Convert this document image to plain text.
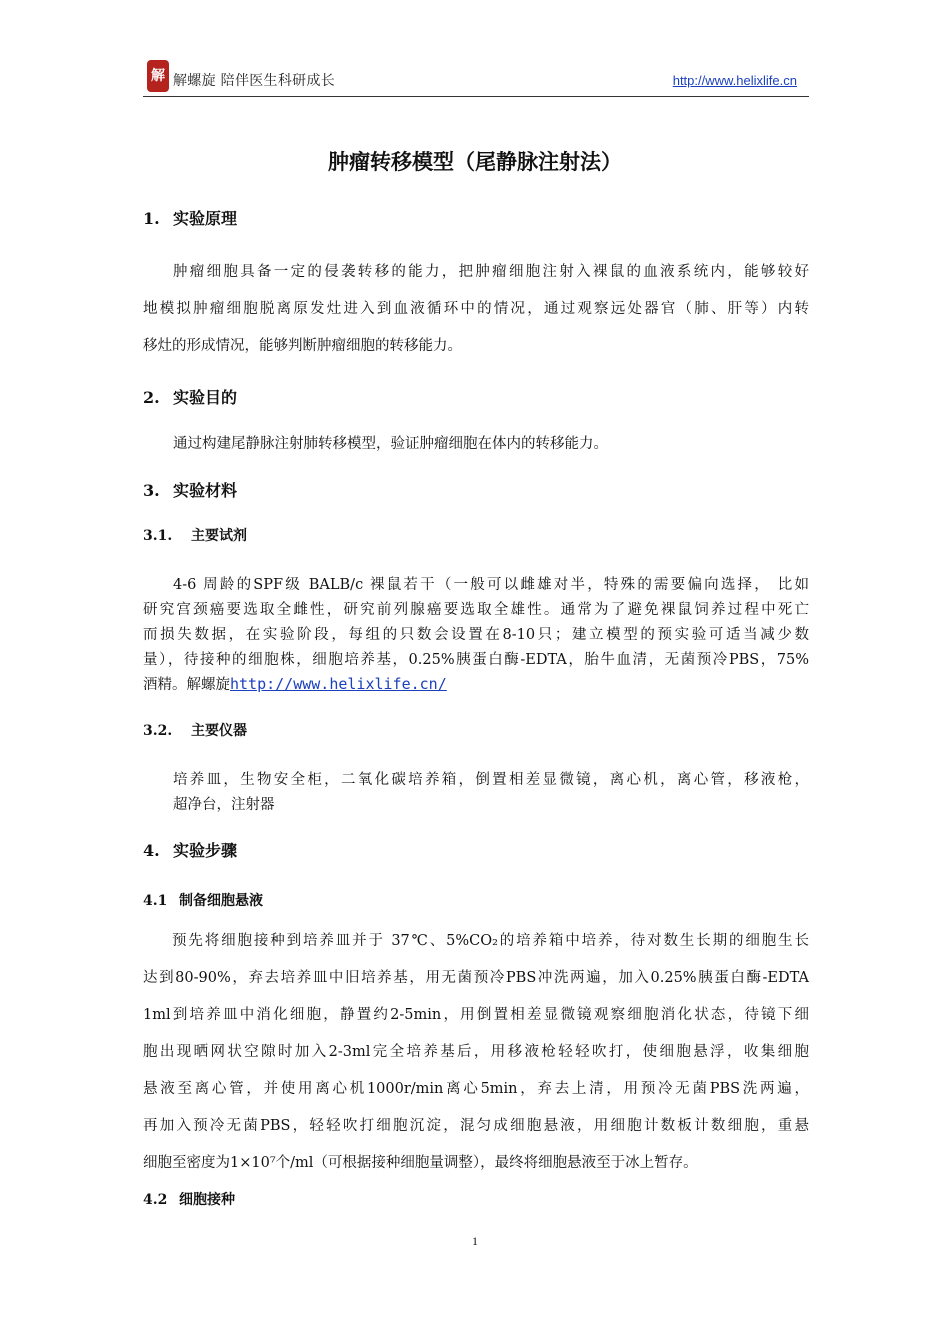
解 解螺旋 陪伴医生科研成长	http://www.helixlife.cn
肿瘤转移模型（尾静脉注射法）
1. 实验原理
肿瘤细胞具备一定的侵袭转移的能力，把肿瘤细胞注射入裸鼠的血液系统内，能够较好
地模拟肿瘤细胞脱离原发灶进入到血液循环中的情况，通过观察远处器官（肺、肝等）内转
移灶的形成情况，能够判断肿瘤细胞的转移能力。
2. 实验目的
通过构建尾静脉注射肺转移模型，验证肿瘤细胞在体内的转移能力。
3. 实验材料
3.1. 主要试剂
4-6 周龄的SPF级 BALB/c 裸鼠若干（一般可以雌雄对半，特殊的需要偏向选择， 比如
研究宫颈癌要选取全雌性，研究前列腺癌要选取全雄性。通常为了避免裸鼠饲养过程中死亡
而损失数据，在实验阶段，每组的只数会设置在8-10只；建立模型的预实验可适当减少数
量），待接种的细胞株，细胞培养基，0.25%胰蛋白酶-EDTA，胎牛血清，无菌预冷PBS，75%
酒精。解螺旋http://www.helixlife.cn/
3.2. 主要仪器
培养皿，生物安全柜，二氧化碳培养箱，倒置相差显微镜，离心机，离心管，移液枪，
超净台，注射器
4. 实验步骤
4.1 制备细胞悬液
预先将细胞接种到培养皿并于 37℃、5%CO₂的培养箱中培养，待对数生长期的细胞生长
达到80-90%，弃去培养皿中旧培养基，用无菌预冷PBS冲洗两遍，加入0.25%胰蛋白酶-EDTA
1ml到培养皿中消化细胞，静置约2-5min，用倒置相差显微镜观察细胞消化状态，待镜下细
胞出现晒网状空隙时加入2-3ml完全培养基后，用移液枪轻轻吹打，使细胞悬浮，收集细胞
悬液至离心管，并使用离心机1000r/min离心5min，弃去上清，用预冷无菌PBS洗两遍，
再加入预冷无菌PBS，轻轻吹打细胞沉淀，混匀成细胞悬液，用细胞计数板计数细胞，重悬
细胞至密度为1×10⁷个/ml（可根据接种细胞量调整），最终将细胞悬液至于冰上暂存。
4.2 细胞接种
1
